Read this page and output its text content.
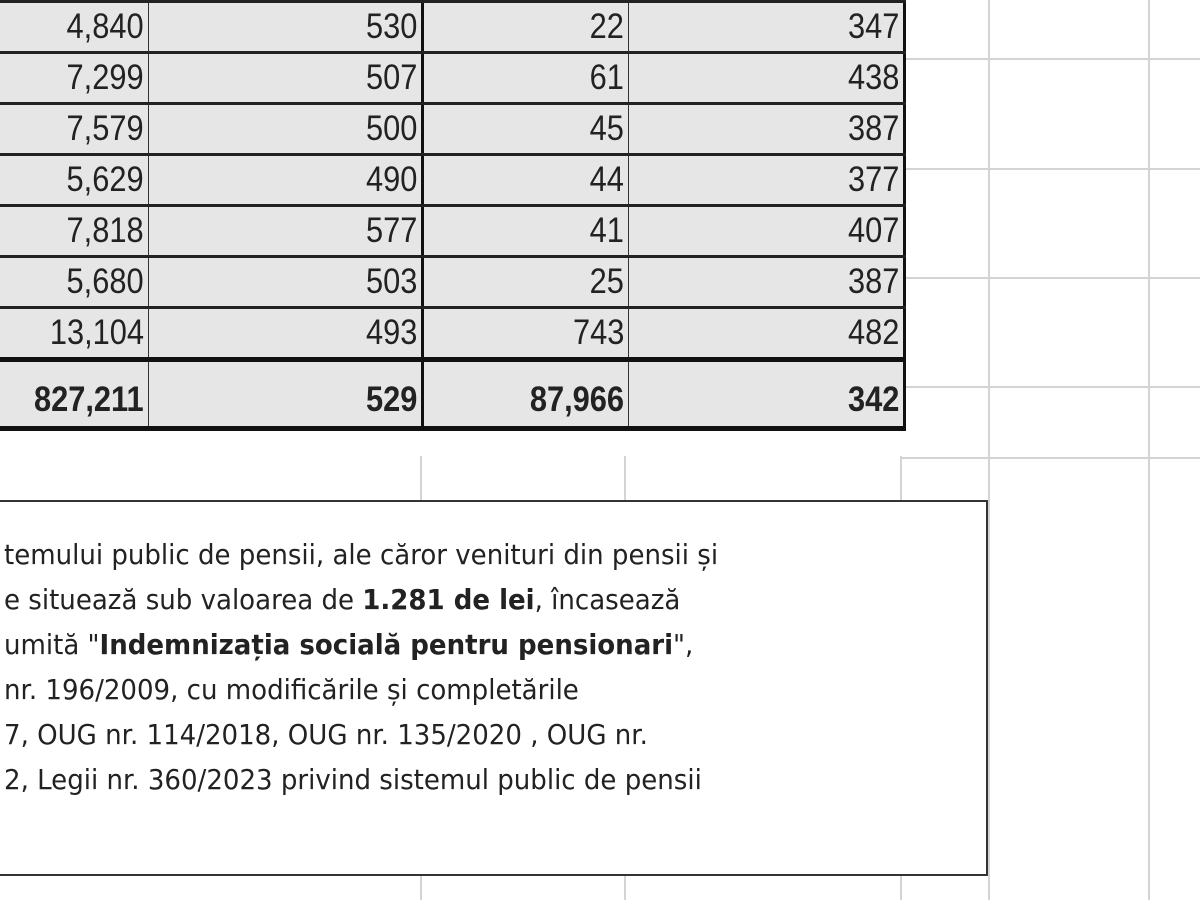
4,840	530	22	347
7,299	507	61	438
7,579	500	45	387
5,629	490	44	377
7,818	577	41	407
5,680	503	25	387
13,104	493	743	482
827,211	529	87,966	342
temului public de pensii, ale căror venituri din pensii și
e situează sub valoarea de 1.281 de lei, încasează
umită "Indemnizația socială pentru pensionari",
nr. 196/2009, cu modificările și completările
7, OUG nr. 114/2018, OUG nr. 135/2020 , OUG nr.
2, Legii nr. 360/2023 privind sistemul public de pensii
